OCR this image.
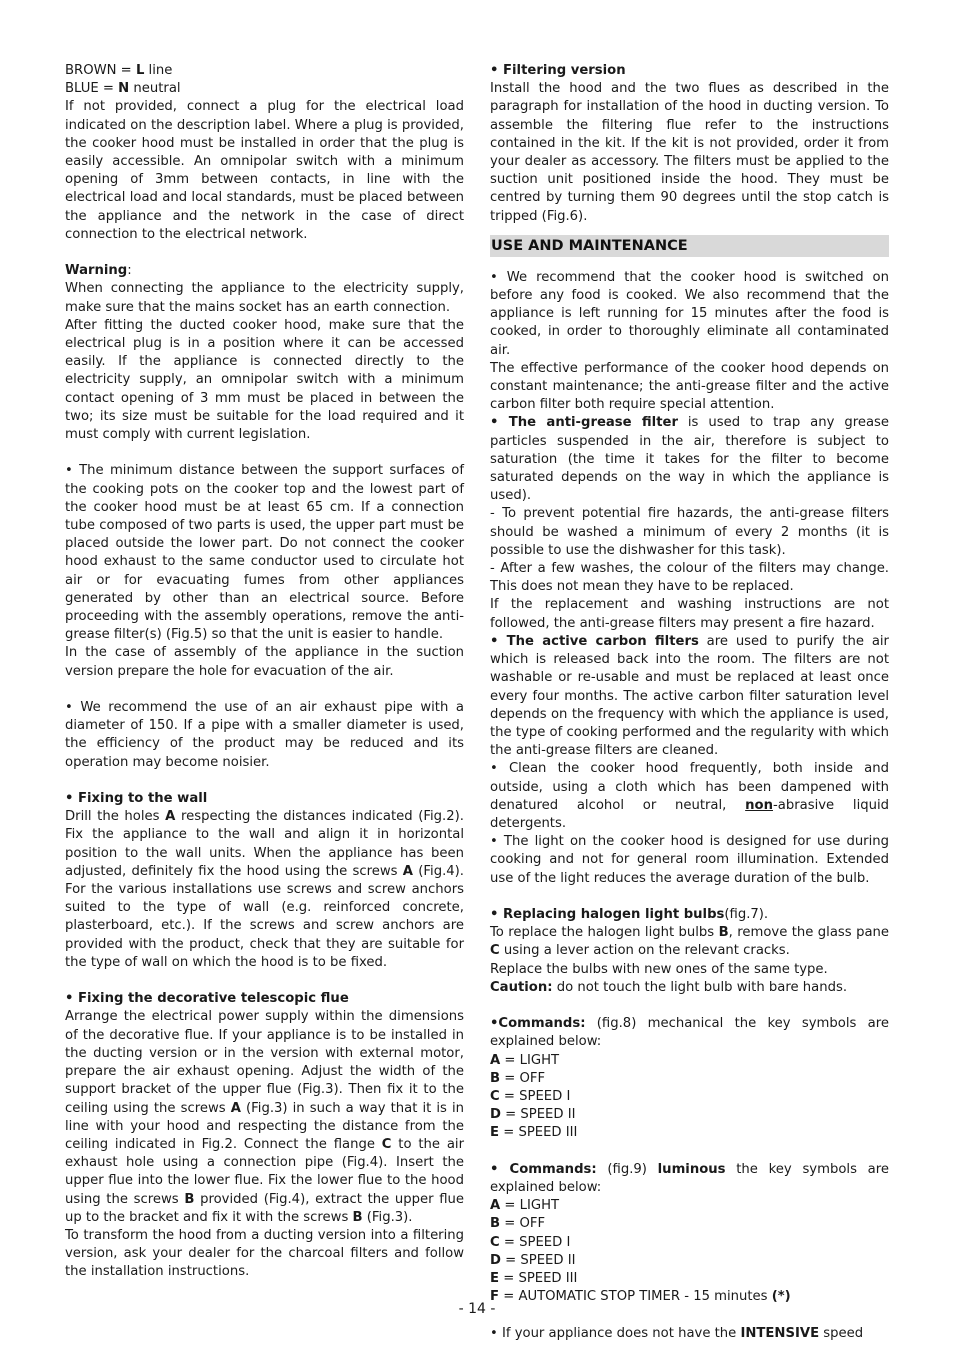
BROWN = L line

BLUE = N neutral

If not provided, connect a plug for the electrical load indicated on the description label. Where a plug is provided, the cooker hood must be installed in order that the plug is easily accessible. An omnipolar switch with a minimum opening of 3mm between contacts, in line with the electrical load and local standards, must be placed between the appliance and the network in the case of direct connection to the electrical network.

Warning:

When connecting the appliance to the electricity supply, make sure that the mains socket has an earth connection.

After fitting the ducted cooker hood, make sure that the electrical plug is in a position where it can be accessed easily. If the appliance is connected directly to the electricity supply, an omnipolar switch with a minimum contact opening of 3 mm must be placed in between the two; its size must be suitable for the load required and it must comply with current legislation.

• The minimum distance between the support surfaces of the cooking pots on the cooker top and the lowest part of the cooker hood must be at least 65 cm. If a connection tube composed of two parts is used, the upper part must be placed outside the lower part. Do not connect the cooker hood exhaust to the same conductor used to circulate hot air or for evacuating fumes from other appliances generated by other than an electrical source. Before proceeding with the assembly operations, remove the anti-grease filter(s) (Fig.5) so that the unit is easier to handle.

In the case of assembly of the appliance in the suction version prepare the hole for evacuation of the air.

• We recommend the use of an air exhaust pipe with a diameter of 150. If a pipe with a smaller diameter is used, the efficiency of the product may be reduced and its operation may become noisier.

• Fixing to the wall

Drill the holes A respecting the distances indicated (Fig.2). Fix the appliance to the wall and align it in horizontal position to the wall units. When the appliance has been adjusted, definitely fix the hood using the screws A (Fig.4). For the various installations use screws and screw anchors suited to the type of wall (e.g. reinforced concrete, plasterboard, etc.). If the screws and screw anchors are provided with the product, check that they are suitable for the type of wall on which the hood is to be fixed.

• Fixing the decorative telescopic flue

Arrange the electrical power supply within the dimensions of the decorative flue. If your appliance is to be installed in the ducting version or in the version with external motor, prepare the air exhaust opening. Adjust the width of the support bracket of the upper flue (Fig.3). Then fix it to the ceiling using the screws A (Fig.3) in such a way that it is in line with your hood and respecting the distance from the ceiling indicated in Fig.2. Connect the flange C to the air exhaust hole using a connection pipe (Fig.4). Insert the upper flue into the lower flue. Fix the lower flue to the hood using the screws B provided (Fig.4), extract the upper flue up to the bracket and fix it with the screws B (Fig.3).

To transform the hood from a ducting version into a filtering version, ask your dealer for the charcoal filters and follow the installation instructions.

• Filtering version

Install the hood and the two flues as described in the paragraph for installation of the hood in ducting version. To assemble the filtering flue refer to the instructions contained in the kit. If the kit is not provided, order it from your dealer as accessory. The filters must be applied to the suction unit positioned inside the hood. They must be centred by turning them 90 degrees until the stop catch is tripped (Fig.6).

USE AND MAINTENANCE

• We recommend that the cooker hood is switched on before any food is cooked. We also recommend that the appliance is left running for 15 minutes after the food is cooked, in order to thoroughly eliminate all contaminated air.

The effective performance of the cooker hood depends on constant maintenance; the anti-grease filter and the active carbon filter both require special attention.

• The anti-grease filter is used to trap any grease particles suspended in the air, therefore is subject to saturation (the time it takes for the filter to become saturated depends on the way in which the appliance is used).

- To prevent potential fire hazards, the anti-grease filters should be washed a minimum of every 2 months (it is possible to use the dishwasher for this task).

- After a few washes, the colour of the filters may change. This does not mean they have to be replaced.

If the replacement and washing instructions are not followed, the anti-grease filters may present a fire hazard.

• The active carbon filters are used to purify the air which is released back into the room. The filters are not washable or re-usable and must be replaced at least once every four months. The active carbon filter saturation level depends on the frequency with which the appliance is used, the type of cooking performed and the regularity with which the anti-grease filters are cleaned.

• Clean the cooker hood frequently, both inside and outside, using a cloth which has been dampened with denatured alcohol or neutral, non-abrasive liquid detergents.

• The light on the cooker hood is designed for use during cooking and not for general room illumination. Extended use of the light reduces the average duration of the bulb.

• Replacing halogen light bulbs(fig.7).

To replace the halogen light bulbs B, remove the glass pane C using a lever action on the relevant cracks.

Replace the bulbs with new ones of the same type.

Caution: do not touch the light bulb with bare hands.

•Commands: (fig.8) mechanical the key symbols are explained below:

A = LIGHT

B = OFF

C = SPEED I

D = SPEED II

E = SPEED III

• Commands: (fig.9) luminous the key symbols are explained below:

A = LIGHT

B = OFF

C = SPEED I

D = SPEED II

E = SPEED III

F = AUTOMATIC STOP TIMER - 15 minutes (*)

• If your appliance does not have the INTENSIVE speed

- 14 -
